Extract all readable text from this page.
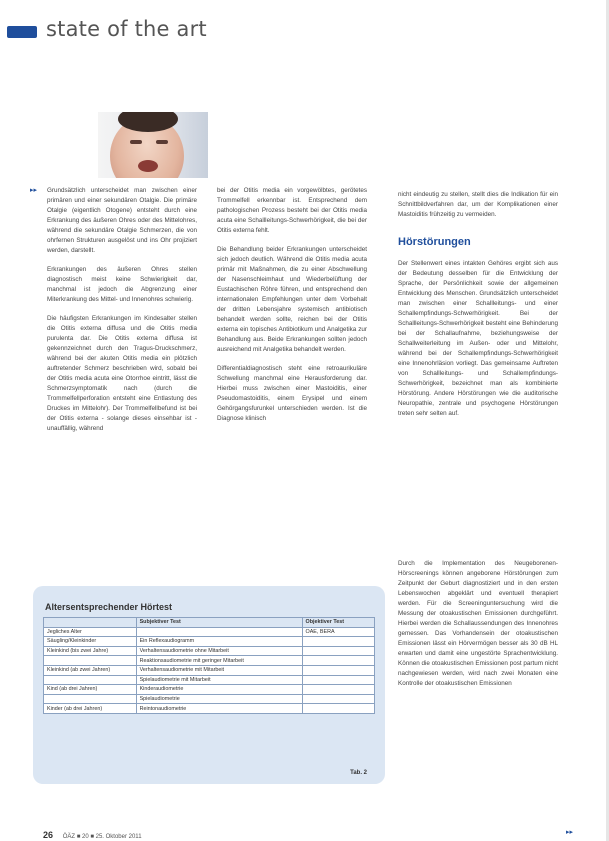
state of the art
▸▸ Grundsätzlich unterscheidet man zwischen einer primären und einer sekundären Otalgie. Die primäre Otalgie (eigentlich Otogene) entsteht durch eine Erkrankung des äußeren Ohres oder des Mittelohres, während die sekundäre Otalgie Schmerzen, die von ohrfernen Strukturen ausgelöst und ins Ohr projiziert werden, darstellt.

Erkrankungen des äußeren Ohres stellen diagnostisch meist keine Schwierigkeit dar, manchmal ist jedoch die Abgrenzung einer Miterkrankung des Mittel- und Innenohres schwierig.

Die häufigsten Erkrankungen im Kindesalter stellen die Otitis externa diffusa und die Otitis media purulenta dar. Die Otitis externa diffusa ist gekennzeichnet durch den Tragus-Druckschmerz, während bei der akuten Otitis media ein plötzlich auftretender Schmerz beschrieben wird, sobald bei der Otitis media acuta eine Otorrhoe eintritt, lässt die Schmerzsymptomatik nach (durch die Trommelfellperforation entsteht eine Entlastung des Druckes im Mittelohr). Der Trommelfellbefund ist bei der Otitis externa - solange dieses einsehbar ist - unauffällig, während

bei der Otitis media ein vorgewölbtes, gerötetes Trommelfell erkennbar ist. Entsprechend dem pathologischen Prozess besteht bei der Otitis media acuta eine Schallleitungs-Schwerhörigkeit, die bei der Otitis externa fehlt.

Die Behandlung beider Erkrankungen unterscheidet sich jedoch deutlich. Während die Otitis media acuta primär mit Maßnahmen, die zu einer Abschwellung der Nasenschleimhaut und Wiederbelüftung der Eustachischen Röhre führen, und entsprechend den internationalen Empfehlungen unter dem Vorbehalt der dritten Lebensjahre systemisch antibiotisch behandelt werden sollte, reichen bei der Otitis externa ein topisches Antibiotikum und Analgetika zur Behandlung aus. Beide Erkrankungen sollten jedoch ausreichend mit Analgetika behandelt werden.

Differentialdiagnostisch steht eine retroaurikuläre Schwellung manchmal eine Herausforderung dar. Hierbei muss zwischen einer Mastoiditis, einer Pseudomastoiditis, einem Erysipel und einem Gehörgangsfurunkel unterschieden werden. Ist die Diagnose klinisch

nicht eindeutig zu stellen, stellt dies die Indikation für ein Schnittbildverfahren dar, um der Komplikationen einer Mastoiditis frühzeitig zu vermeiden.

Hörstörungen

Der Stellenwert eines intakten Gehöres ergibt sich aus der Bedeutung desselben für die Entwicklung der Sprache, der Persönlichkeit sowie der allgemeinen Entwicklung des Menschen. Grundsätzlich unterscheidet man zwischen einer Schallleitungs- und einer Schallempfindungs-Schwerhörigkeit. Bei der Schallleitungs-Schwerhörigkeit besteht eine Behinderung bei der Schallaufnahme, beziehungsweise der Schallweiterleitung im Außen- oder und Mittelohr, während bei der Schallempfindungs-Schwerhörigkeit eine Innenohrläsion vorliegt. Das gemeinsame Auftreten von Schallleitungs- und Schallempfindungs-Schwerhörigkeit, bezeichnet man als kombinierte Hörstörung. Andere Hörstörungen wie die auditorische Neuropathie, zentrale und psychogene Hörstörungen treten sehr selten auf.

Durch die Implementation des Neugeborenen-Hörscreenings können angeborene Hörstörungen zum Zeitpunkt der Geburt diagnostiziert und in den ersten Lebenswochen abgeklärt und eventuell therapiert werden. Für die Screeninguntersuchung wird die Messung der otoakustischen Emissionen durchgeführt. Hierbei werden die Schallaussendungen des Innenohres gemessen. Das Vorhandensein der otoakustischen Emissionen lässt ein Hörvermögen besser als 30 dB HL erwarten und damit eine ungestörte Sprachentwicklung. Können die otoakustischen Emissionen post partum nicht nachgewiesen werden, wird nach zwei Monaten eine Kontrolle der otoakustischen Emissionen

Altersentsprechender Hörtest
	Subjektiver Test	Objektiver Test
Jegliches Alter		OAE, BERA
Säugling/Kleinkinder	Ein Reflexaudiogramm	
Kleinkind (bis zwei Jahre)	Verhaltensaudiometrie ohne Mitarbeit	
	Reaktionsaudiometrie mit geringer Mitarbeit	
Kleinkind (ab zwei Jahren)	Verhaltensaudiometrie mit Mitarbeit	
	Spielaudiometrie mit Mitarbeit	
Kind (ab drei Jahren)	Kinderaudiometrie	
	Spielaudiometrie	
Kinder (ab drei Jahren)	Reintonaudiometrie	
Tab. 2
▸▸
26 ÖÄZ ■ 20 ■ 25. Oktober 2011
